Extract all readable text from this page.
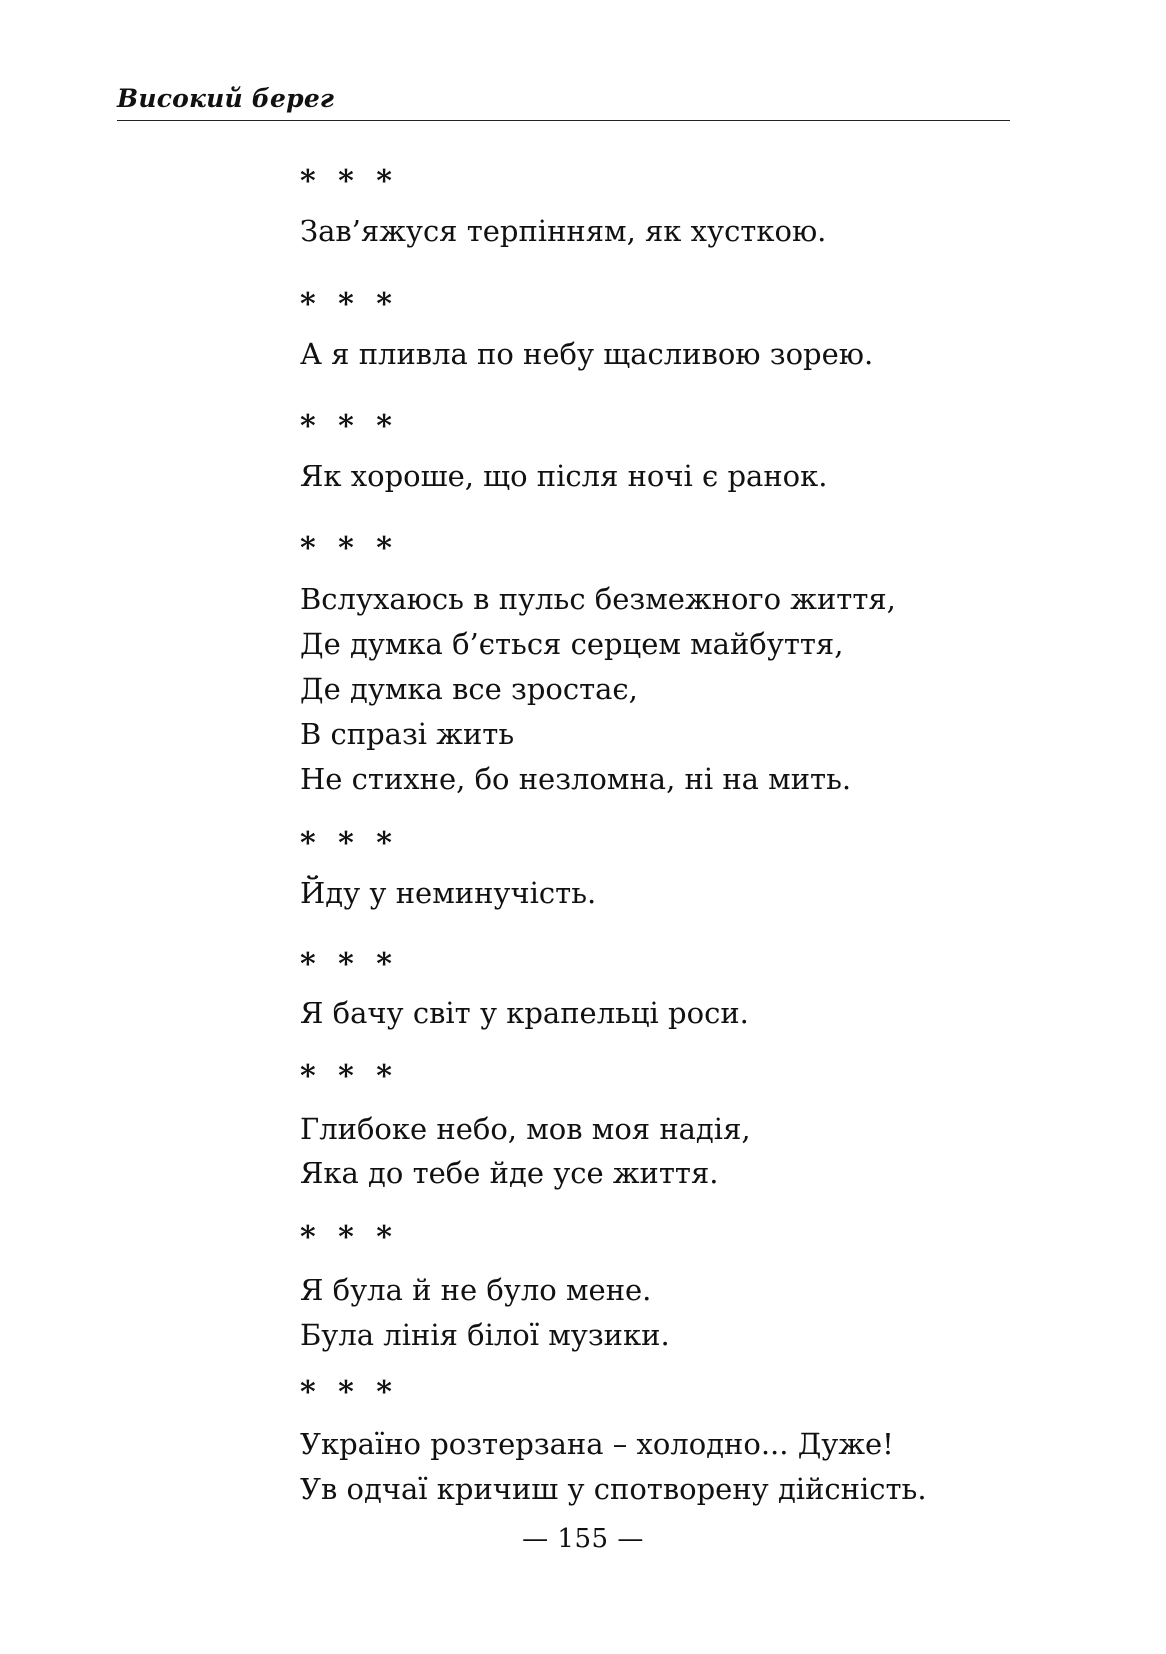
Високий берег
* * *
Зав’яжуся терпінням, як хусткою.
* * *
А я пливла по небу щасливою зорею.
* * *
Як хороше, що після ночі є ранок.
* * *
Вслухаюсь в пульс безмежного життя,
Де думка б’ється серцем майбуття,
Де думка все зростає,
В спразі жить
Не стихне, бо незломна, ні на мить.
* * *
Йду у неминучість.
* * *
Я бачу світ у крапельці роси.
* * *
Глибоке небо, мов моя надія,
Яка до тебе йде усе життя.
* * *
Я була й не було мене.
Була лінія білої музики.
* * *
Україно розтерзана – холодно... Дуже!
Ув одчаї кричиш у спотворену дійсність.
— 155 —
